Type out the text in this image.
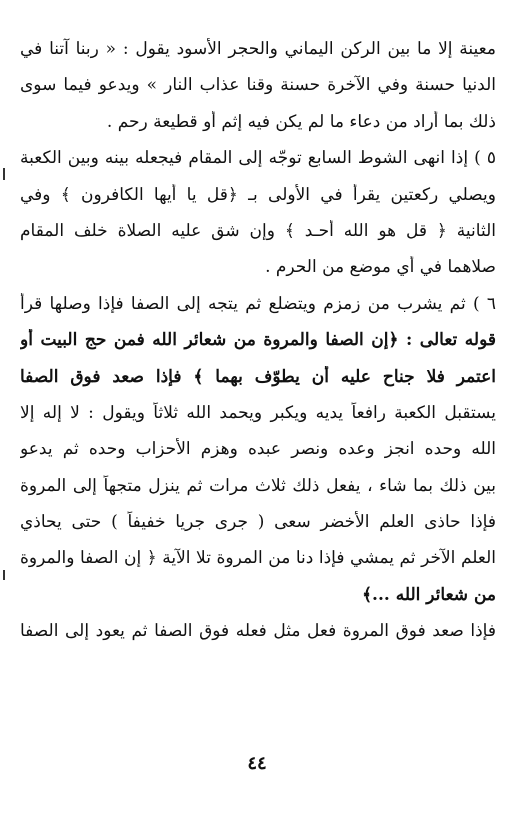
معينة إلا ما بين الركن اليماني والحجر الأسود يقول : « ربنا آتنا في
الدنيا حسنة وفي الآخرة حسنة وقنا عذاب النار » ويدعو فيما سوى
ذلك بما أراد من دعاء ما لم يكن فيه إثم أو قطيعة رحم .
٥ ) إذا انهى الشوط السابع توجّه إلى المقام فيجعله بينه وبين الكعبة
ويصلي ركعتين يقرأ في الأولى بـ ﴿قل يا أيها الكافرون ﴾ وفي
الثانية ﴿ قل هو الله أحـد ﴾ وإن شق عليه الصلاة خلف المقام
صلاهما في أي موضع من الحرم .
٦ ) ثم يشرب من زمزم ويتضلع ثم يتجه إلى الصفا فإذا وصلها قرأ
قوله تعالى : ﴿إن الصفا والمروة من شعائر الله فمن حج البيت أو
اعتمر فلا جناح عليه أن يطوّف بهما ﴾ فإذا صعد فوق الصفا
يستقبل الكعبة رافعاً يديه ويكبر ويحمد الله ثلاثاً ويقول : لا إله إلا
الله وحده انجز وعده ونصر عبده وهزم الأحزاب وحده ثم يدعو
بين ذلك بما شاء ، يفعل ذلك ثلاث مرات ثم ينزل متجهاً إلى المروة
فإذا حاذى العلم الأخضر سعى ( جرى جريا خفيفاً ) حتى يحاذي
العلم الآخر ثم يمشي فإذا دنا من المروة تلا الآية ﴿ إن الصفا والمروة
من شعائر الله ...﴾
فإذا صعد فوق المروة فعل مثل فعله فوق الصفا ثم يعود إلى الصفا
٤٤
